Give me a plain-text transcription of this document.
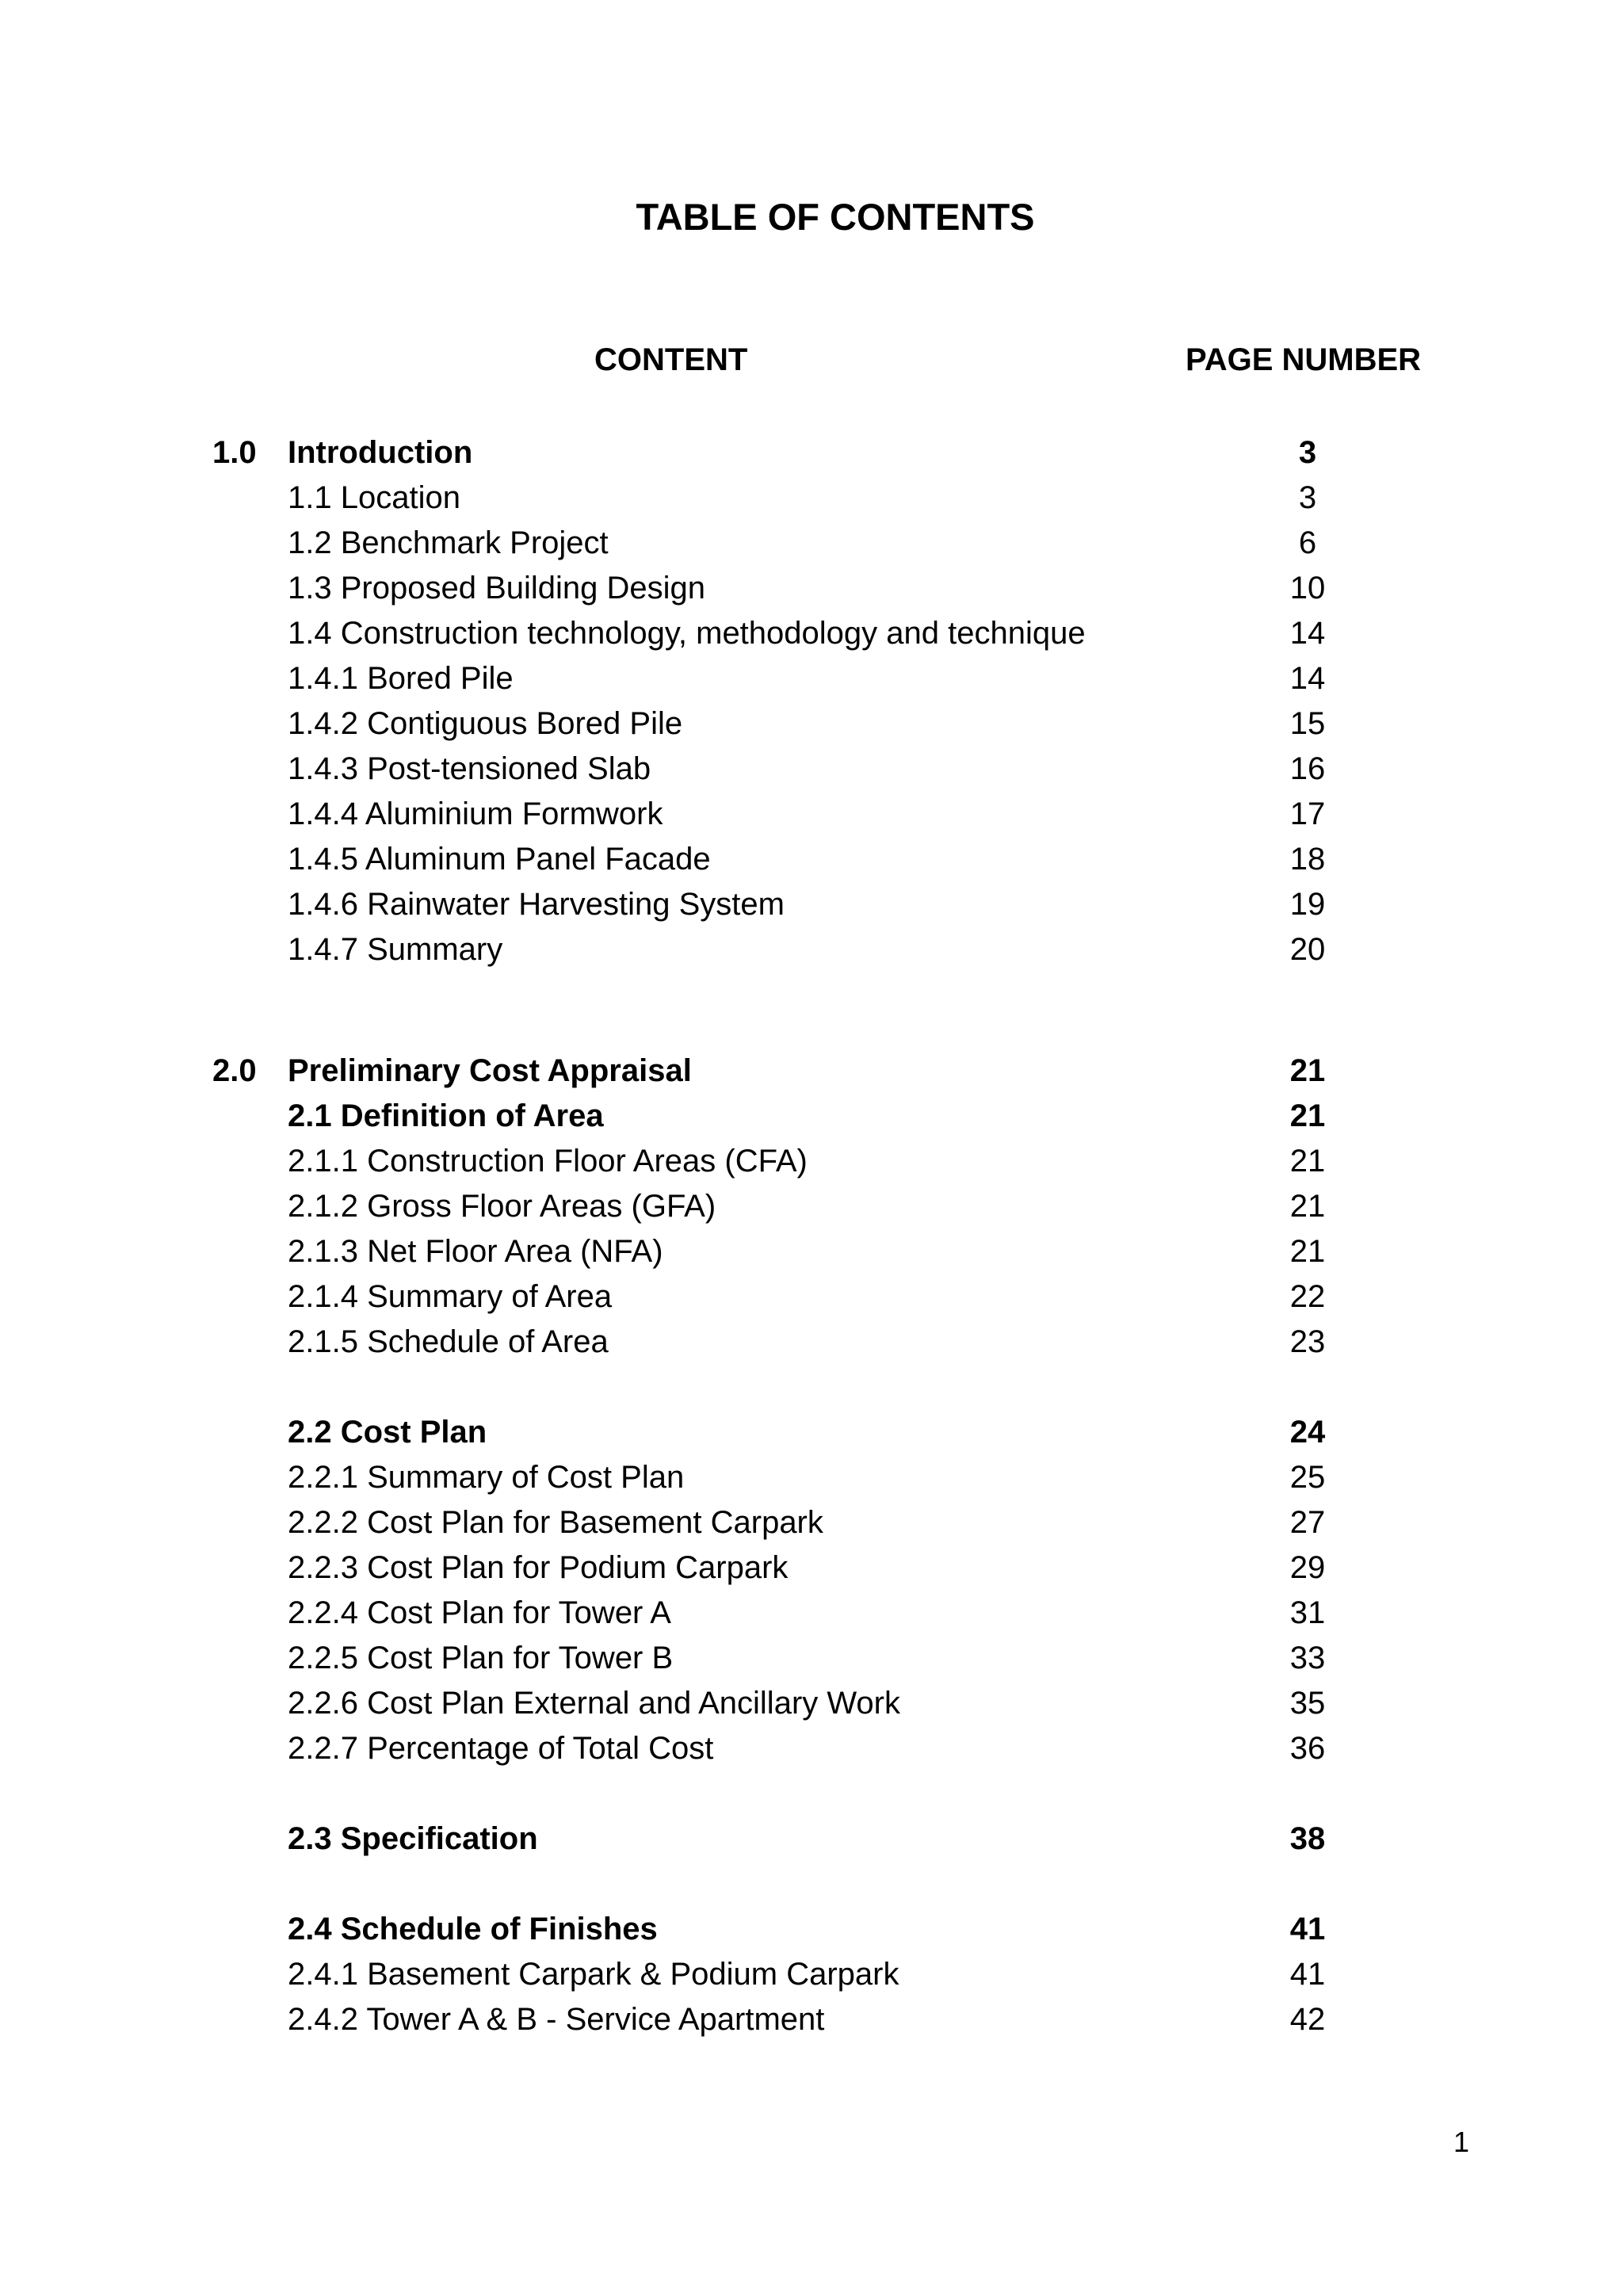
TABLE OF CONTENTS
CONTENT	PAGE NUMBER
1.0 Introduction	3
1.1 Location	3
1.2 Benchmark Project	6
1.3 Proposed Building Design	10
1.4 Construction technology, methodology and technique	14
1.4.1 Bored Pile	14
1.4.2 Contiguous Bored Pile	15
1.4.3 Post-tensioned Slab	16
1.4.4 Aluminium Formwork	17
1.4.5 Aluminum Panel Facade	18
1.4.6 Rainwater Harvesting System	19
1.4.7 Summary	20
2.0 Preliminary Cost Appraisal	21
2.1 Definition of Area	21
2.1.1 Construction Floor Areas (CFA)	21
2.1.2 Gross Floor Areas (GFA)	21
2.1.3 Net Floor Area (NFA)	21
2.1.4 Summary of Area	22
2.1.5 Schedule of Area	23
2.2 Cost Plan	24
2.2.1 Summary of Cost Plan	25
2.2.2 Cost Plan for Basement Carpark	27
2.2.3 Cost Plan for Podium Carpark	29
2.2.4 Cost Plan for Tower A	31
2.2.5 Cost Plan for Tower B	33
2.2.6 Cost Plan External and Ancillary Work	35
2.2.7 Percentage of Total Cost	36
2.3 Specification	38
2.4 Schedule of Finishes	41
2.4.1 Basement Carpark & Podium Carpark	41
2.4.2 Tower A & B - Service Apartment	42
1
